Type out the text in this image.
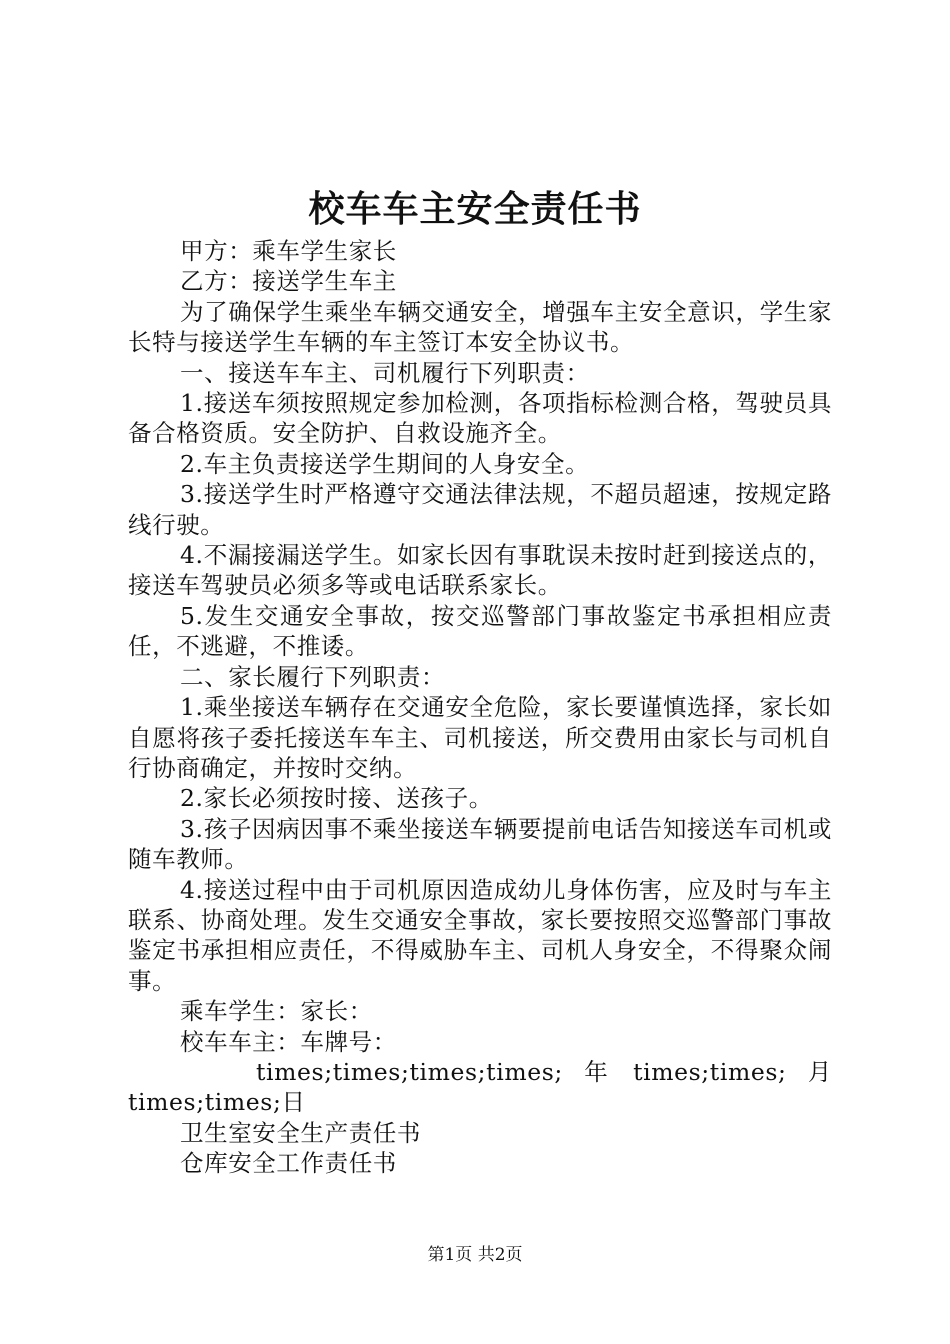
校车车主安全责任书

甲方：乘车学生家长

乙方：接送学生车主

为了确保学生乘坐车辆交通安全，增强车主安全意识，学生家长特与接送学生车辆的车主签订本安全协议书。

一、接送车车主、司机履行下列职责：

1.接送车须按照规定参加检测，各项指标检测合格，驾驶员具备合格资质。安全防护、自救设施齐全。

2.车主负责接送学生期间的人身安全。

3.接送学生时严格遵守交通法律法规，不超员超速，按规定路线行驶。

4.不漏接漏送学生。如家长因有事耽误未按时赶到接送点的，接送车驾驶员必须多等或电话联系家长。

5.发生交通安全事故，按交巡警部门事故鉴定书承担相应责任，不逃避，不推诿。

二、家长履行下列职责：

1.乘坐接送车辆存在交通安全危险，家长要谨慎选择，家长如自愿将孩子委托接送车车主、司机接送，所交费用由家长与司机自行协商确定，并按时交纳。

2.家长必须按时接、送孩子。

3.孩子因病因事不乘坐接送车辆要提前电话告知接送车司机或随车教师。

4.接送过程中由于司机原因造成幼儿身体伤害，应及时与车主联系、协商处理。发生交通安全事故，家长要按照交巡警部门事故鉴定书承担相应责任，不得威胁车主、司机人身安全，不得聚众闹事。

乘车学生：家长：

校车车主：车牌号：

times;times;times;times; 年 times;times; 月 times;times;日

卫生室安全生产责任书

仓库安全工作责任书

第1页 共2页
